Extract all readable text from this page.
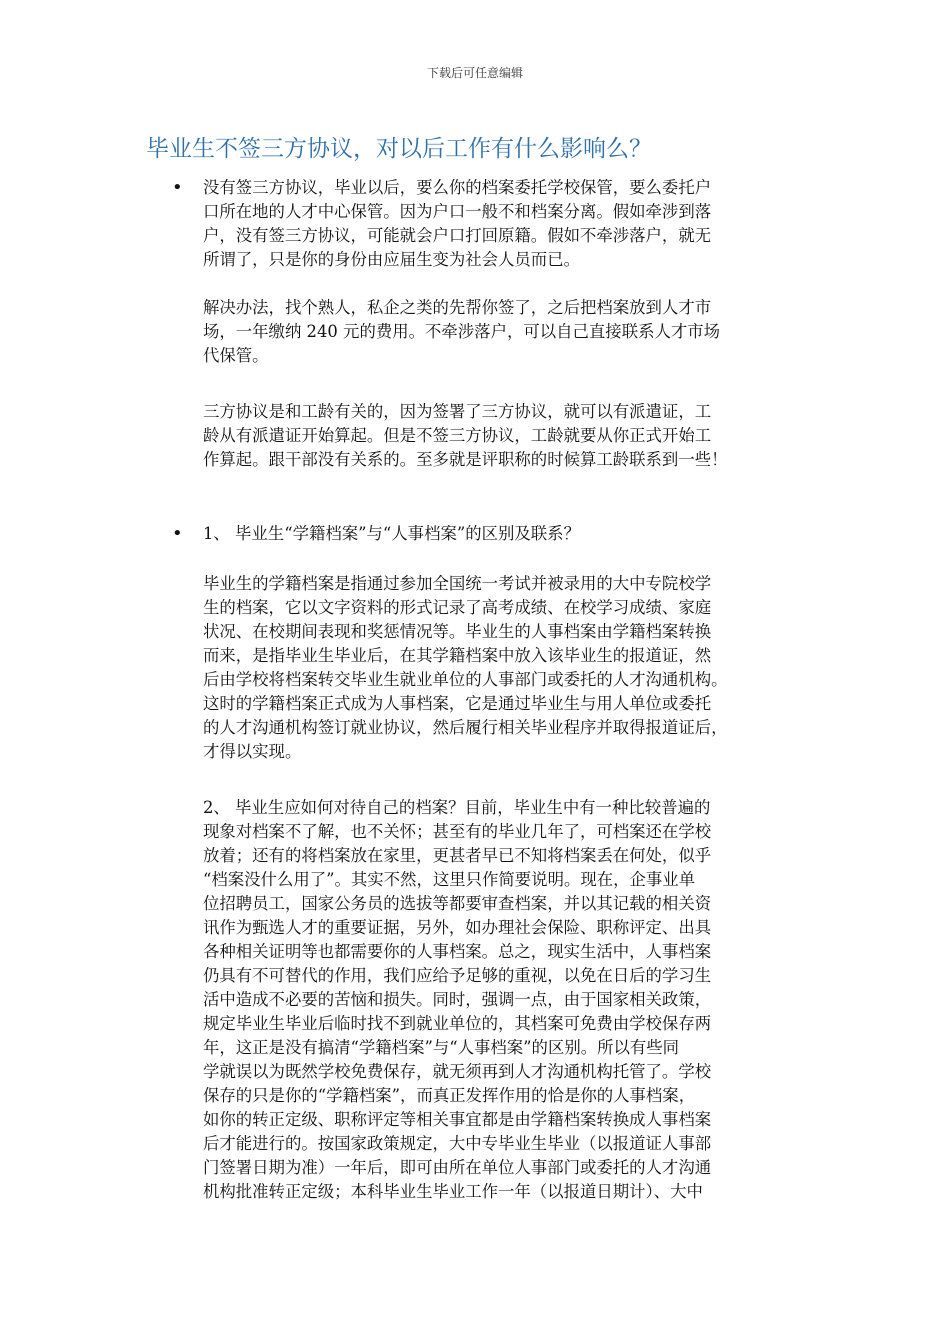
下载后可任意编辑
毕业生不签三方协议，对以后工作有什么影响么？
• 没有签三方协议，毕业以后，要么你的档案委托学校保管，要么委托户
口所在地的人才中心保管。因为户口一般不和档案分离。假如牵涉到落
户，没有签三方协议，可能就会户口打回原籍。假如不牵涉落户，就无
所谓了，只是你的身份由应届生变为社会人员而已。

解决办法，找个熟人，私企之类的先帮你签了，之后把档案放到人才市
场，一年缴纳 240 元的费用。不牵涉落户，可以自己直接联系人才市场
代保管。

三方协议是和工龄有关的，因为签署了三方协议，就可以有派遣证，工
龄从有派遣证开始算起。但是不签三方协议，工龄就要从你正式开始工
作算起。跟干部没有关系的。至多就是评职称的时候算工龄联系到一些！

• 1、 毕业生“学籍档案”与“人事档案”的区别及联系？

毕业生的学籍档案是指通过参加全国统一考试并被录用的大中专院校学
生的档案，它以文字资料的形式记录了高考成绩、在校学习成绩、家庭
状况、在校期间表现和奖惩情况等。毕业生的人事档案由学籍档案转换
而来，是指毕业生毕业后，在其学籍档案中放入该毕业生的报道证，然
后由学校将档案转交毕业生就业单位的人事部门或委托的人才沟通机构。
这时的学籍档案正式成为人事档案，它是通过毕业生与用人单位或委托
的人才沟通机构签订就业协议，然后履行相关毕业程序并取得报道证后，
才得以实现。

2、 毕业生应如何对待自己的档案？目前，毕业生中有一种比较普遍的
现象对档案不了解，也不关怀；甚至有的毕业几年了，可档案还在学校
放着；还有的将档案放在家里，更甚者早已不知将档案丢在何处，似乎
“档案没什么用了”。其实不然，这里只作简要说明。现在，企事业单
位招聘员工，国家公务员的选拔等都要审查档案，并以其记载的相关资
讯作为甄选人才的重要证据，另外，如办理社会保险、职称评定、出具
各种相关证明等也都需要你的人事档案。总之，现实生活中，人事档案
仍具有不可替代的作用，我们应给予足够的重视，以免在日后的学习生
活中造成不必要的苦恼和损失。同时，强调一点，由于国家相关政策，
规定毕业生毕业后临时找不到就业单位的，其档案可免费由学校保存两
年，这正是没有搞清“学籍档案”与“人事档案”的区别。所以有些同
学就误以为既然学校免费保存，就无须再到人才沟通机构托管了。学校
保存的只是你的“学籍档案”，而真正发挥作用的恰是你的人事档案，
如你的转正定级、职称评定等相关事宜都是由学籍档案转换成人事档案
后才能进行的。按国家政策规定，大中专毕业生毕业（以报道证人事部
门签署日期为准）一年后，即可由所在单位人事部门或委托的人才沟通
机构批准转正定级；本科毕业生毕业工作一年（以报道日期计）、大中
